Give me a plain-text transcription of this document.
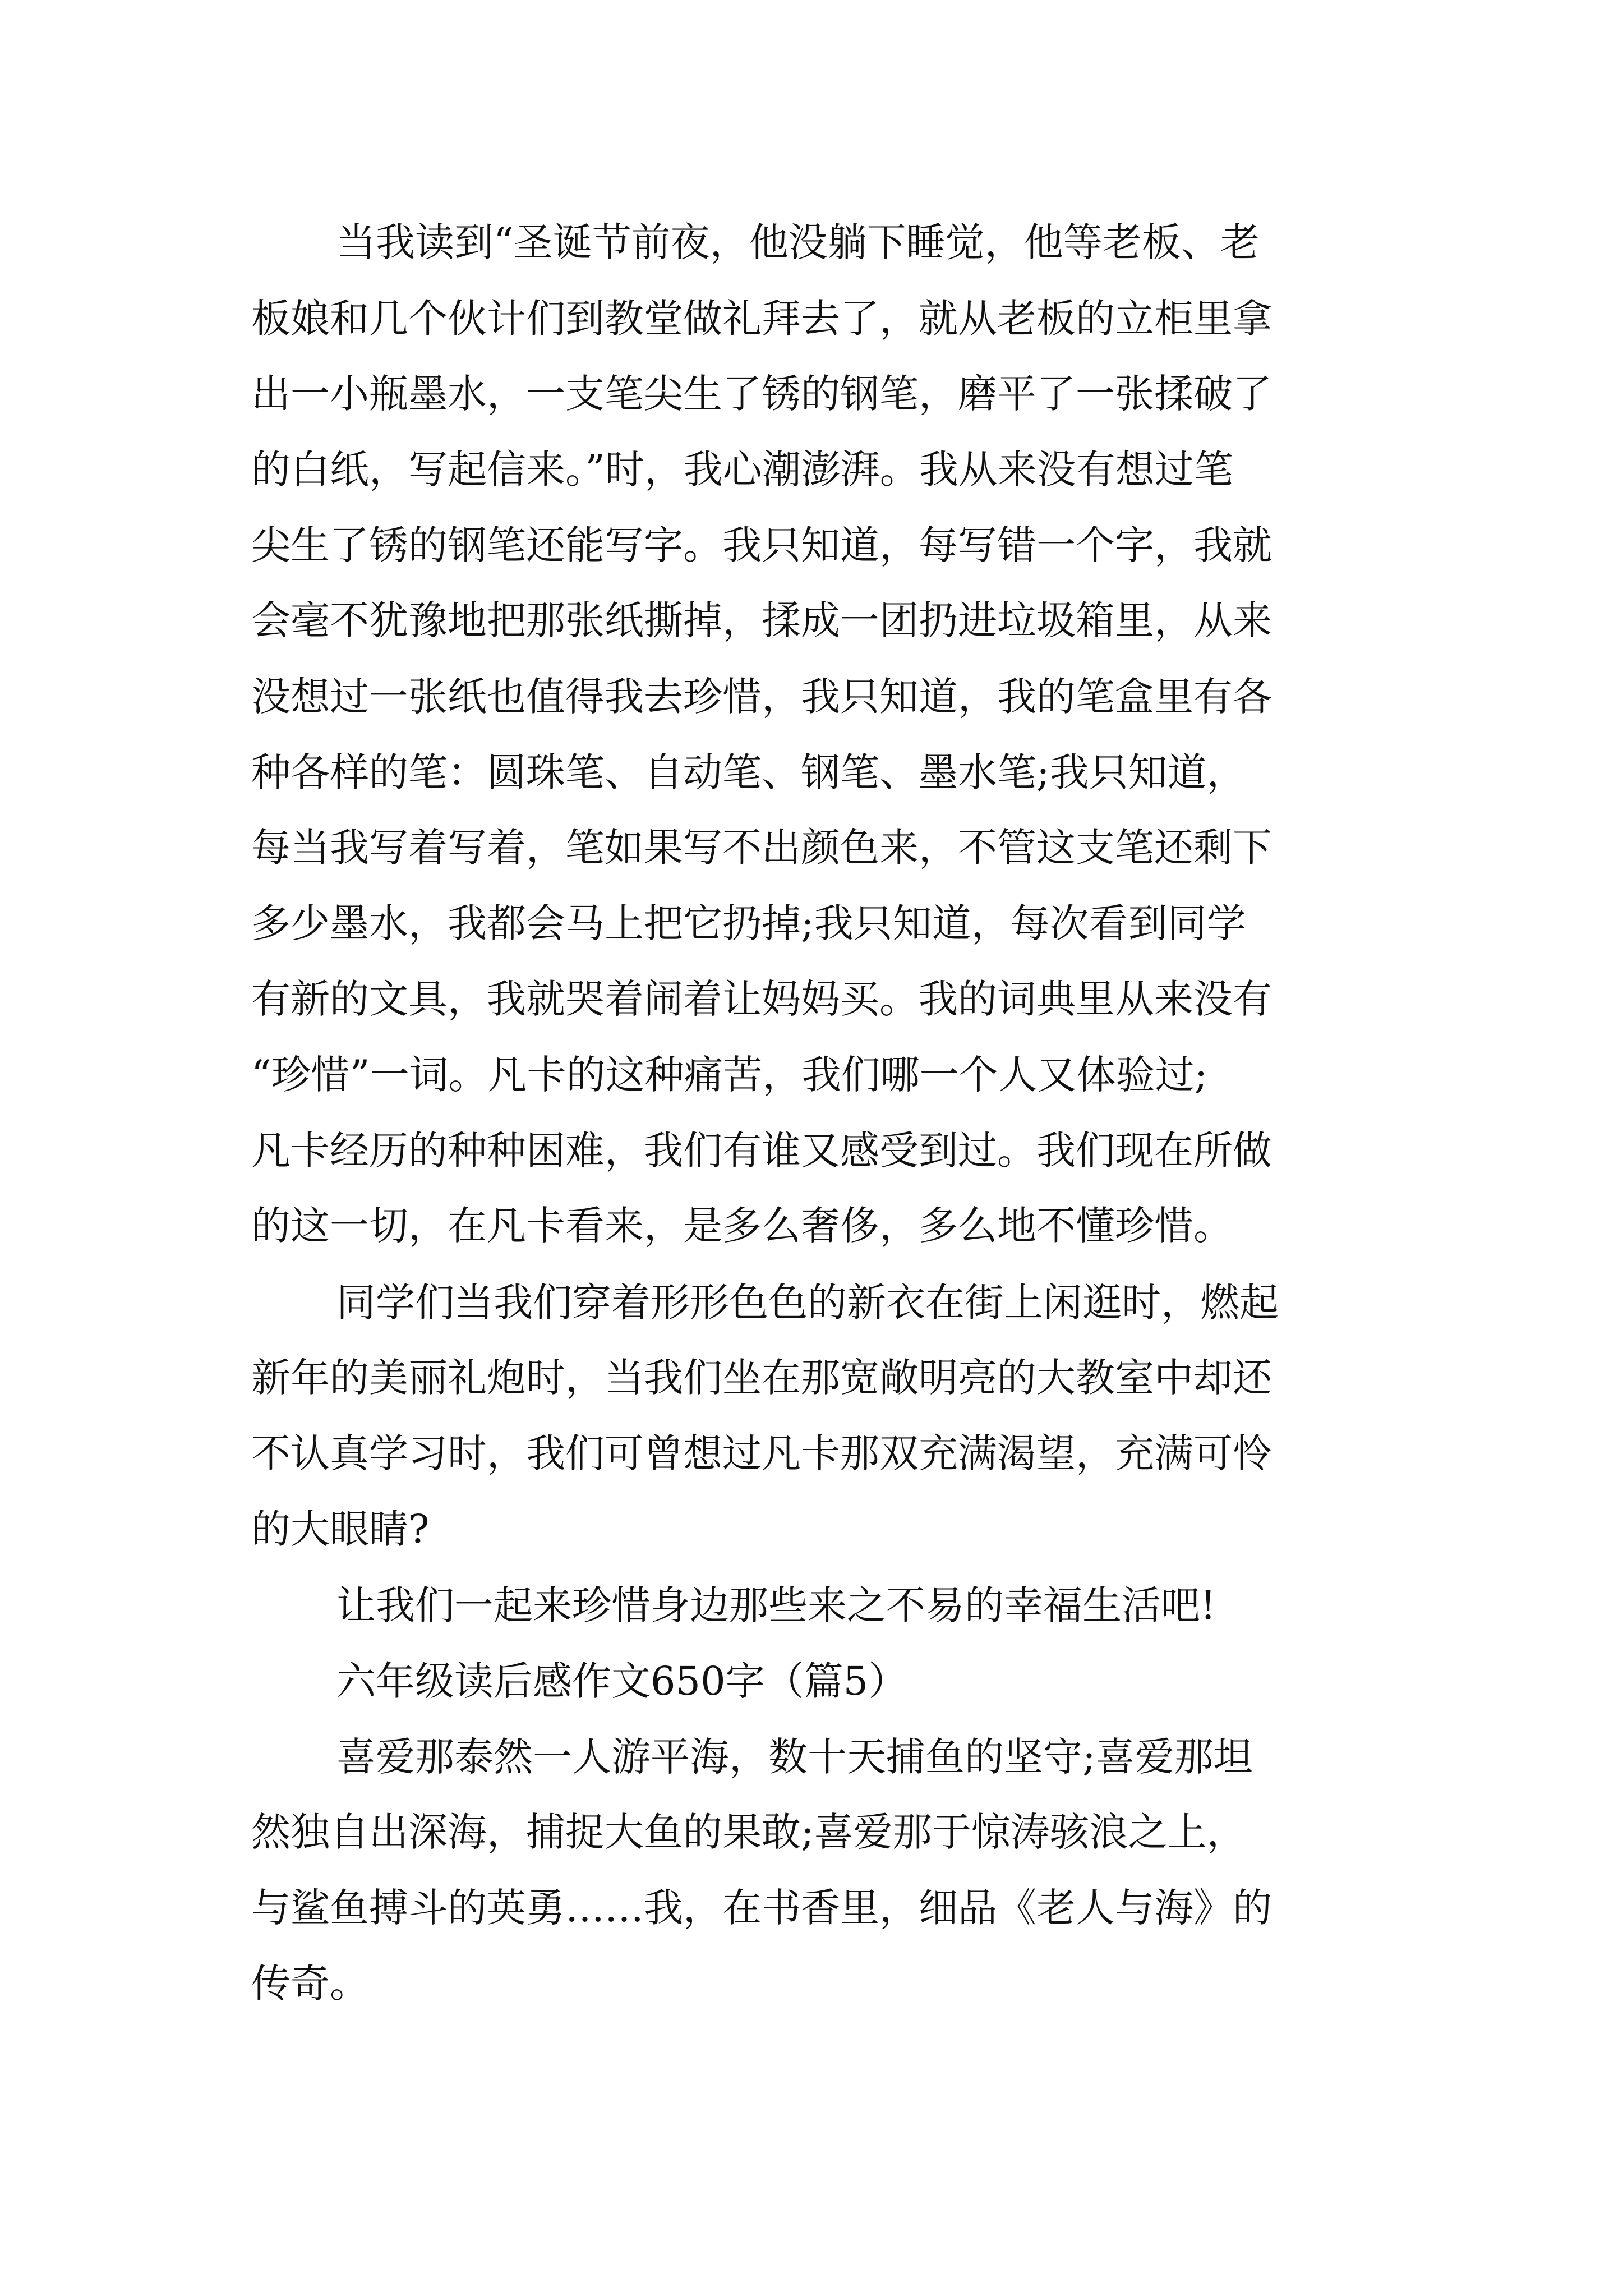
当我读到“圣诞节前夜，他没躺下睡觉，他等老板、老
板娘和几个伙计们到教堂做礼拜去了，就从老板的立柜里拿
出一小瓶墨水，一支笔尖生了锈的钢笔，磨平了一张揉破了
的白纸，写起信来。”时，我心潮澎湃。我从来没有想过笔
尖生了锈的钢笔还能写字。我只知道，每写错一个字，我就
会毫不犹豫地把那张纸撕掉，揉成一团扔进垃圾箱里，从来
没想过一张纸也值得我去珍惜，我只知道，我的笔盒里有各
种各样的笔：圆珠笔、自动笔、钢笔、墨水笔;我只知道，
每当我写着写着，笔如果写不出颜色来，不管这支笔还剩下
多少墨水，我都会马上把它扔掉;我只知道，每次看到同学
有新的文具，我就哭着闹着让妈妈买。我的词典里从来没有
“珍惜”一词。凡卡的这种痛苦，我们哪一个人又体验过;
凡卡经历的种种困难，我们有谁又感受到过。我们现在所做
的这一切，在凡卡看来，是多么奢侈，多么地不懂珍惜。
同学们当我们穿着形形色色的新衣在街上闲逛时，燃起
新年的美丽礼炮时，当我们坐在那宽敞明亮的大教室中却还
不认真学习时，我们可曾想过凡卡那双充满渴望，充满可怜
的大眼睛?
让我们一起来珍惜身边那些来之不易的幸福生活吧!
六年级读后感作文650字（篇5）
喜爱那泰然一人游平海，数十天捕鱼的坚守;喜爱那坦
然独自出深海，捕捉大鱼的果敢;喜爱那于惊涛骇浪之上，
与鲨鱼搏斗的英勇……我，在书香里，细品《老人与海》的
传奇。
